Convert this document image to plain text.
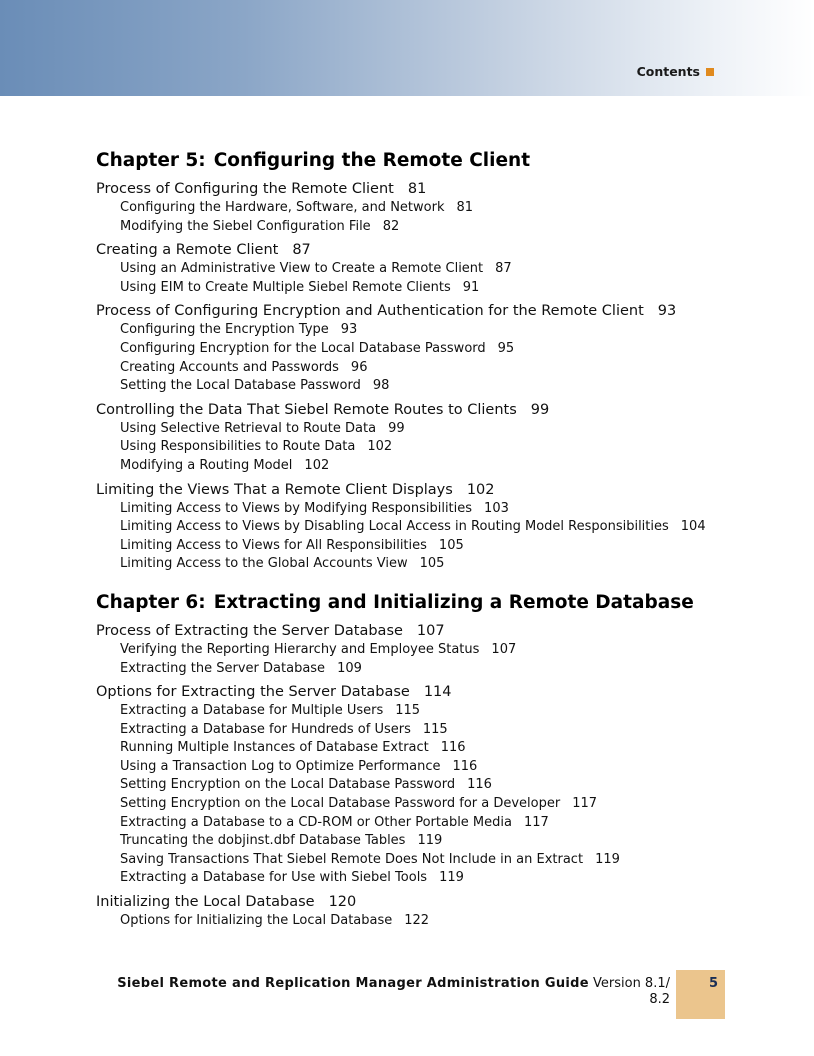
Contents
Chapter 5: Configuring the Remote Client
Process of Configuring the Remote Client 81
Configuring the Hardware, Software, and Network 81
Modifying the Siebel Configuration File 82
Creating a Remote Client 87
Using an Administrative View to Create a Remote Client 87
Using EIM to Create Multiple Siebel Remote Clients 91
Process of Configuring Encryption and Authentication for the Remote Client 93
Configuring the Encryption Type 93
Configuring Encryption for the Local Database Password 95
Creating Accounts and Passwords 96
Setting the Local Database Password 98
Controlling the Data That Siebel Remote Routes to Clients 99
Using Selective Retrieval to Route Data 99
Using Responsibilities to Route Data 102
Modifying a Routing Model 102
Limiting the Views That a Remote Client Displays 102
Limiting Access to Views by Modifying Responsibilities 103
Limiting Access to Views by Disabling Local Access in Routing Model Responsibilities 104
Limiting Access to Views for All Responsibilities 105
Limiting Access to the Global Accounts View 105
Chapter 6: Extracting and Initializing a Remote Database
Process of Extracting the Server Database 107
Verifying the Reporting Hierarchy and Employee Status 107
Extracting the Server Database 109
Options for Extracting the Server Database 114
Extracting a Database for Multiple Users 115
Extracting a Database for Hundreds of Users 115
Running Multiple Instances of Database Extract 116
Using a Transaction Log to Optimize Performance 116
Setting Encryption on the Local Database Password 116
Setting Encryption on the Local Database Password for a Developer 117
Extracting a Database to a CD-ROM or Other Portable Media 117
Truncating the dobjinst.dbf Database Tables 119
Saving Transactions That Siebel Remote Does Not Include in an Extract 119
Extracting a Database for Use with Siebel Tools 119
Initializing the Local Database 120
Options for Initializing the Local Database 122
Siebel Remote and Replication Manager Administration Guide Version 8.1/
8.2
5
